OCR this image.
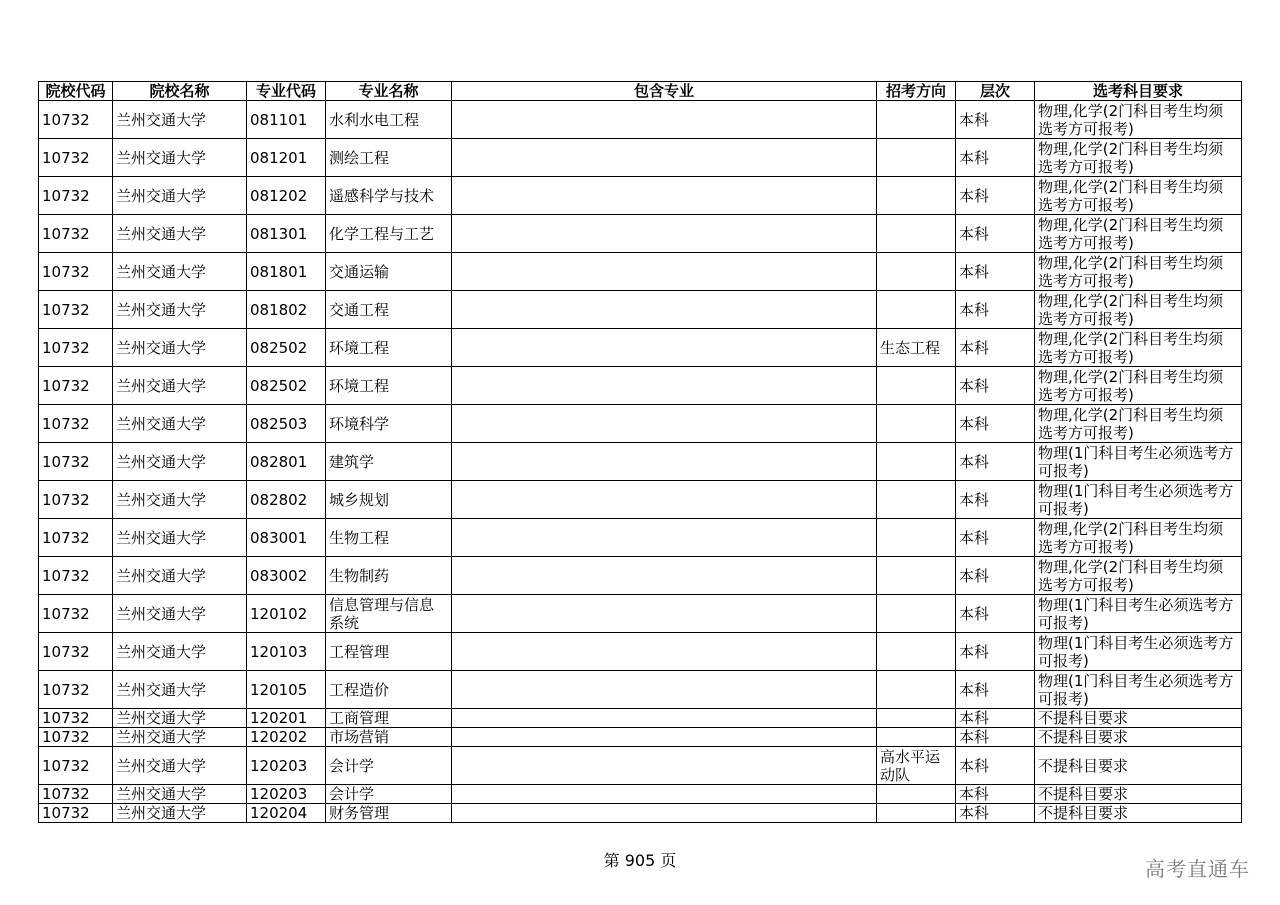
院校代码	院校名称	专业代码	专业名称	包含专业	招考方向	层次	选考科目要求
10732	兰州交通大学	081101	水利水电工程			本科	物理,化学(2门科目考生均须选考方可报考)
10732	兰州交通大学	081201	测绘工程			本科	物理,化学(2门科目考生均须选考方可报考)
10732	兰州交通大学	081202	遥感科学与技术			本科	物理,化学(2门科目考生均须选考方可报考)
10732	兰州交通大学	081301	化学工程与工艺			本科	物理,化学(2门科目考生均须选考方可报考)
10732	兰州交通大学	081801	交通运输			本科	物理,化学(2门科目考生均须选考方可报考)
10732	兰州交通大学	081802	交通工程			本科	物理,化学(2门科目考生均须选考方可报考)
10732	兰州交通大学	082502	环境工程		生态工程	本科	物理,化学(2门科目考生均须选考方可报考)
10732	兰州交通大学	082502	环境工程			本科	物理,化学(2门科目考生均须选考方可报考)
10732	兰州交通大学	082503	环境科学			本科	物理,化学(2门科目考生均须选考方可报考)
10732	兰州交通大学	082801	建筑学			本科	物理(1门科目考生必须选考方可报考)
10732	兰州交通大学	082802	城乡规划			本科	物理(1门科目考生必须选考方可报考)
10732	兰州交通大学	083001	生物工程			本科	物理,化学(2门科目考生均须选考方可报考)
10732	兰州交通大学	083002	生物制药			本科	物理,化学(2门科目考生均须选考方可报考)
10732	兰州交通大学	120102	信息管理与信息系统			本科	物理(1门科目考生必须选考方可报考)
10732	兰州交通大学	120103	工程管理			本科	物理(1门科目考生必须选考方可报考)
10732	兰州交通大学	120105	工程造价			本科	物理(1门科目考生必须选考方可报考)
10732	兰州交通大学	120201	工商管理			本科	不提科目要求
10732	兰州交通大学	120202	市场营销			本科	不提科目要求
10732	兰州交通大学	120203	会计学		高水平运动队	本科	不提科目要求
10732	兰州交通大学	120203	会计学			本科	不提科目要求
10732	兰州交通大学	120204	财务管理			本科	不提科目要求
第 905 页	高考直通车
